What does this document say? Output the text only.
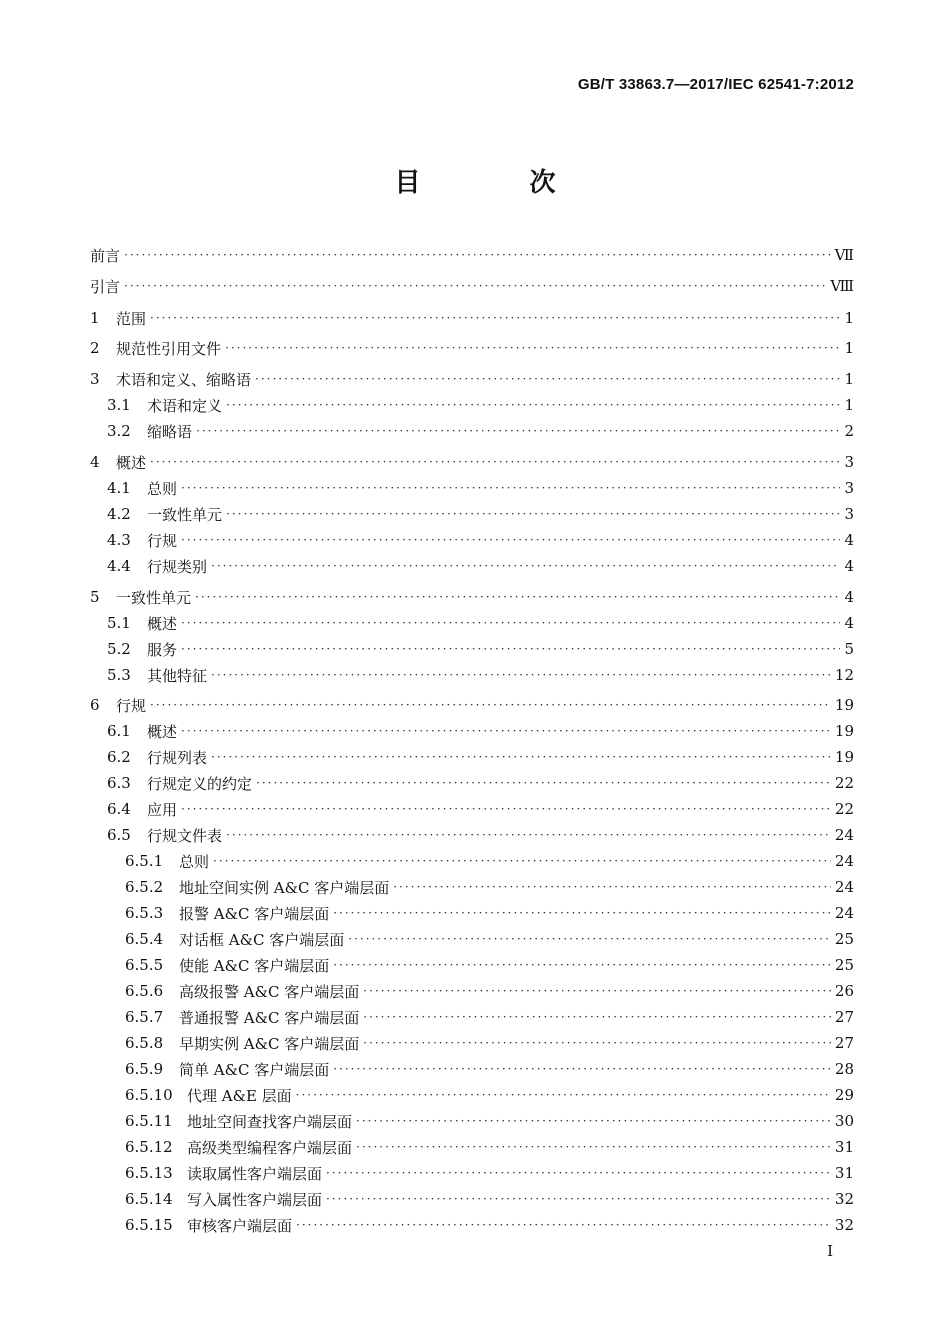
GB/T 33863.7—2017/IEC 62541-7:2012
目 次
前言 ·····	Ⅶ
引言 ·····	Ⅷ
1	范围 ·····	1
2	规范性引用文件 ·····	1
3	术语和定义、缩略语 ·····	1
3.1	术语和定义 ·····	1
3.2	缩略语 ·····	2
4	概述 ·····	3
4.1	总则 ·····	3
4.2	一致性单元 ·····	3
4.3	行规 ·····	4
4.4	行规类别 ·····	4
5	一致性单元 ·····	4
5.1	概述 ·····	4
5.2	服务 ·····	5
5.3	其他特征 ·····	12
6	行规 ·····	19
6.1	概述 ·····	19
6.2	行规列表 ·····	19
6.3	行规定义的约定 ·····	22
6.4	应用 ·····	22
6.5	行规文件表 ·····	24
6.5.1	总则 ·····	24
6.5.2	地址空间实例 A&C 客户端层面 ·····	24
6.5.3	报警 A&C 客户端层面 ·····	24
6.5.4	对话框 A&C 客户端层面 ·····	25
6.5.5	使能 A&C 客户端层面 ·····	25
6.5.6	高级报警 A&C 客户端层面 ·····	26
6.5.7	普通报警 A&C 客户端层面 ·····	27
6.5.8	早期实例 A&C 客户端层面 ·····	27
6.5.9	简单 A&C 客户端层面 ·····	28
6.5.10 代理 A&E 层面 ·····	29
6.5.11 地址空间查找客户端层面 ·····	30
6.5.12 高级类型编程客户端层面 ·····	31
6.5.13 读取属性客户端层面 ·····	31
6.5.14 写入属性客户端层面 ·····	32
6.5.15 审核客户端层面 ·····	32
I
